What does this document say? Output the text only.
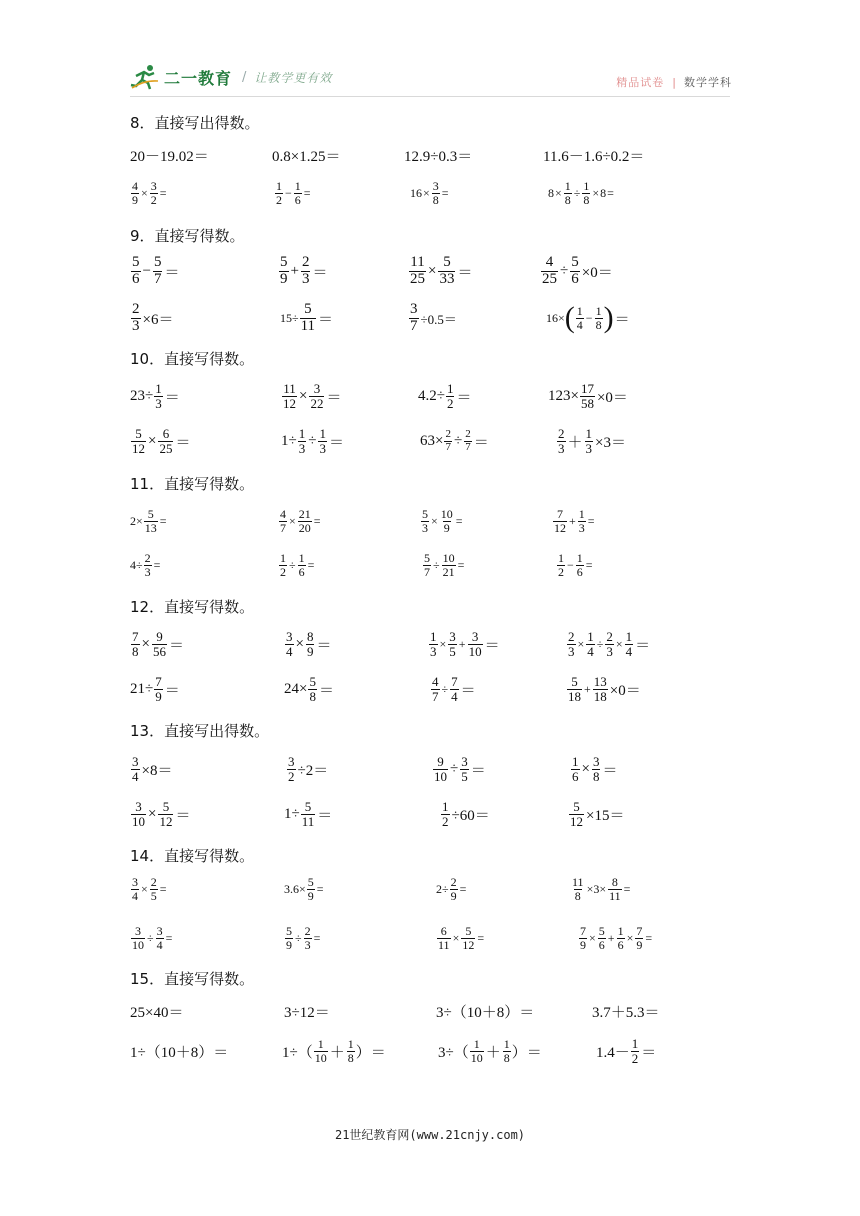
二一教育 / 让教学更有效	精品试卷 | 数学学科
8．直接写出得数。
20－19.02＝	0.8×1.25＝	12.9÷0.3＝	11.6－1.6÷0.2＝
$\frac{4}{9} \times \frac{3}{2}$ =	$\frac{1}{2} - \frac{1}{6}$ =	$16 \times \frac{3}{8}$ =	$8 \times \frac{1}{8} \div \frac{1}{8} \times 8$ =
9．直接写得数。
$\frac{5}{6} - \frac{5}{7}$ ＝	$\frac{5}{9} + \frac{2}{3}$ ＝	$\frac{11}{25} \times \frac{5}{33}$ ＝	$\frac{4}{25} \div \frac{5}{6} \times 0=$
$\frac{2}{3} \times 6=$	$15\div \frac{5}{11}$ ＝	$\frac{3}{7} \div 0.5=$	16× ( $\frac{1}{4} - \frac{1}{8}$ ) ＝
10．直接写得数。
$23\div \frac{1}{3}$ ＝	$\frac{11}{12} \times \frac{3}{22}$ ＝	$4.2\div \frac{1}{2}$ ＝	$123\times \frac{17}{58} \times 0=$
$\frac{5}{12} \times \frac{6}{25}$ ＝	$1\div \frac{1}{3} \div \frac{1}{3}$ ＝	$63\times \frac{2}{7} \div \frac{2}{7}$ ＝	$\frac{2}{3} + \frac{1}{3} \times 3=$
11．直接写得数。
$2\times \frac{5}{13}$ =	$\frac{4}{7} \times \frac{21}{20}$ =	$\frac{5}{3} \times \frac{10}{9}$ =	$\frac{7}{12} + \frac{1}{3}$ =
$4\div \frac{2}{3}$ =	$\frac{1}{2} \div \frac{1}{6}$ =	$\frac{5}{7} \div \frac{10}{21}$ =	$\frac{1}{2} - \frac{1}{6}$ =
12．直接写得数。
$\frac{7}{8} \times \frac{9}{56}$ ＝	$\frac{3}{4} \times \frac{8}{9}$ ＝	$\frac{1}{3} \times \frac{3}{5} + \frac{3}{10}$ ＝	$\frac{2}{3} \times \frac{1}{4} \div \frac{2}{3} \times \frac{1}{4}$ ＝
$21\div \frac{7}{9}$ ＝	$24\times \frac{5}{8}$ ＝	$\frac{4}{7} \div \frac{7}{4}$ ＝	$\frac{5}{18} + \frac{13}{18} \times 0=$
13．直接写出得数。
$\frac{3}{4} \times 8=$	$\frac{3}{2} \div 2=$	$\frac{9}{10} \div \frac{3}{5}$ ＝	$\frac{1}{6} \times \frac{3}{8}$ ＝
$\frac{3}{10} \times \frac{5}{12}$ ＝	$1\div \frac{5}{11}$ ＝	$\frac{1}{2} \div 60=$	$\frac{5}{12} \times 15=$
14．直接写得数。
$\frac{3}{4} \times \frac{2}{5}$ =	$3.6\times \frac{5}{9}$ =	$2\div \frac{2}{9}$ =	$\frac{11}{8} \times 3\times \frac{8}{11}$ =
$\frac{3}{10} \div \frac{3}{4}$ =	$\frac{5}{9} \div \frac{2}{3}$ =	$\frac{6}{11} \times \frac{5}{12}$ =	$\frac{7}{9} \times \frac{5}{6} + \frac{1}{6} \times \frac{7}{9}$ =
15．直接写得数。
25×40＝	3÷12＝	3÷（10＋8）＝	3.7＋5.3＝
1÷（10＋8）＝	$1\div( \frac{1}{10} + \frac{1}{8}$ ）＝	$3\div( \frac{1}{10} + \frac{1}{8}$ ）＝	$1.4- \frac{1}{2}$ ＝
21世纪教育网(www.21cnjy.com)
